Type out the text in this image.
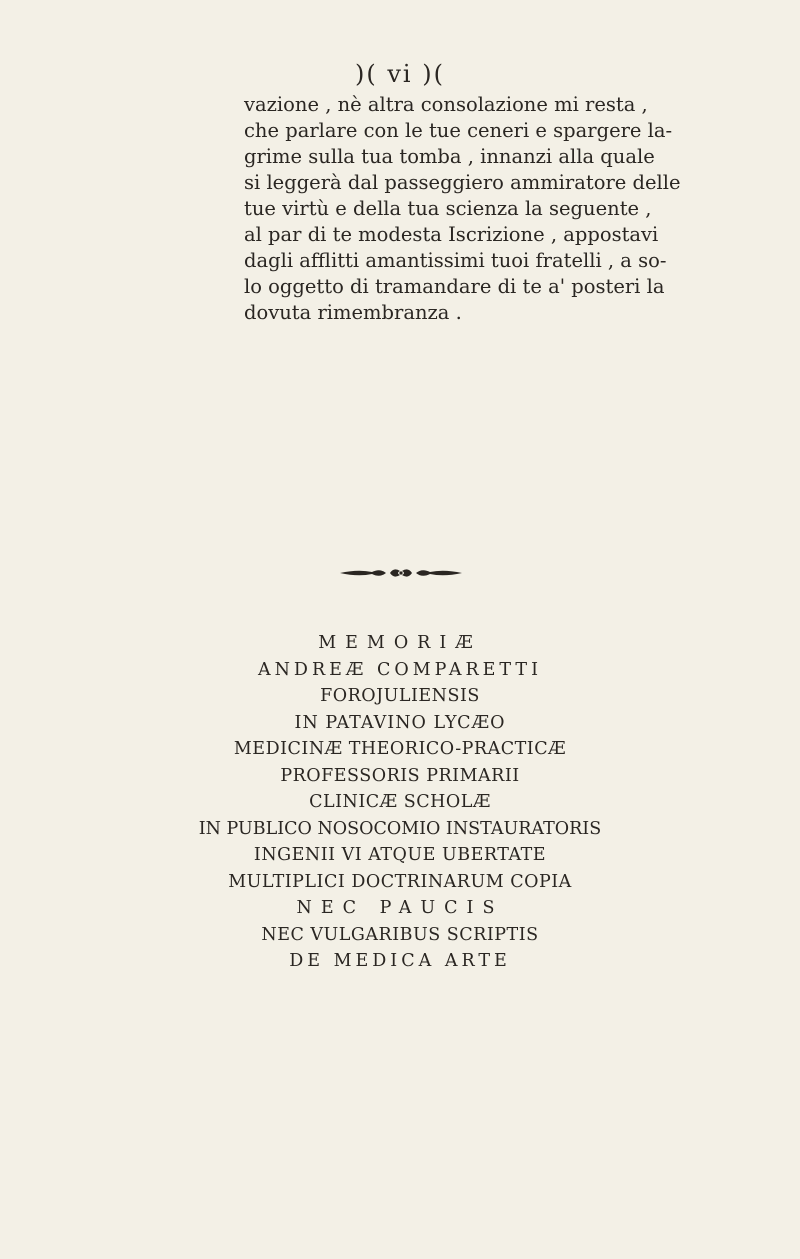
)( vi )(
vazione , nè altra consolazione mi resta ,
che parlare con le tue ceneri e spargere la-
grime sulla tua tomba , innanzi alla quale
si leggerà dal passeggiero ammiratore delle
tue virtù e della tua scienza la seguente ,
al par di te modesta Iscrizione , appostavi
dagli afflitti amantissimi tuoi fratelli , a so-
lo oggetto di tramandare di te a' posteri la
dovuta rimembranza .
MEMORIÆ
ANDREÆ COMPARETTI
FOROJULIENSIS
IN PATAVINO LYCÆO
MEDICINÆ THEORICO-PRACTICÆ
PROFESSORIS PRIMARII
CLINICÆ SCHOLÆ
IN PUBLICO NOSOCOMIO INSTAURATORIS
INGENII VI ATQUE UBERTATE
MULTIPLICI DOCTRINARUM COPIA
NEC PAUCIS
NEC VULGARIBUS SCRIPTIS
DE MEDICA ARTE
